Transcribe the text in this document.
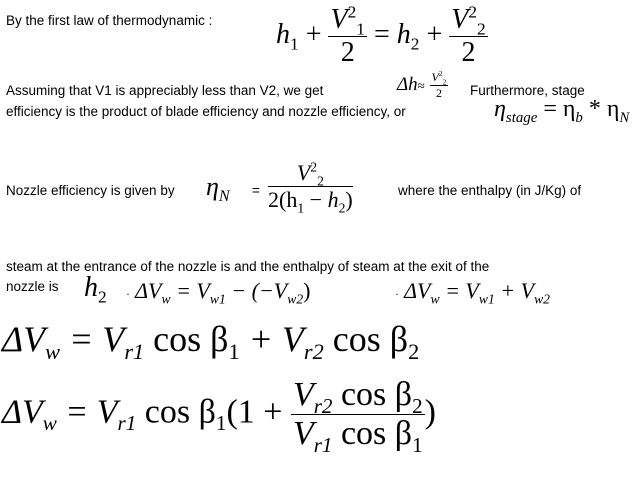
By the first law of thermodynamic :
Assuming that V1 is appreciably less than V2, we get	Furthermore, stage
efficiency is the product of blade efficiency and nozzle efficiency, or
Nozzle efficiency is given by	=	where the enthalpy (in J/Kg) of
steam at the entrance of the nozzle is and the enthalpy of steam at the exit of the
nozzle is
$h_1 + \frac{V^2_1}{2} = h_2 + \frac{V^2_2}{2}$
$\Delta h\approx \frac{V^2_2}{2}$
$\eta_{stage} = \eta_b * \eta_N$
$\eta_N \frac{V^2_2}{2(h_1 - h_2)}$
$h_2 \cdot \Delta V_w = V_{w1} - (-V_{w2})$	· $\Delta V_w = V_{w1} + V_{w2}$
$\Delta V_w = V_{r1}$ $\cos \beta_1 + V_{r2}$ $\cos \beta_2$
$\Delta V_w = V_{r1}$ $\cos \beta_1(1 + \frac{V_{r2} \cos \beta_2}{V_{r1} \cos \beta_1}$ )
